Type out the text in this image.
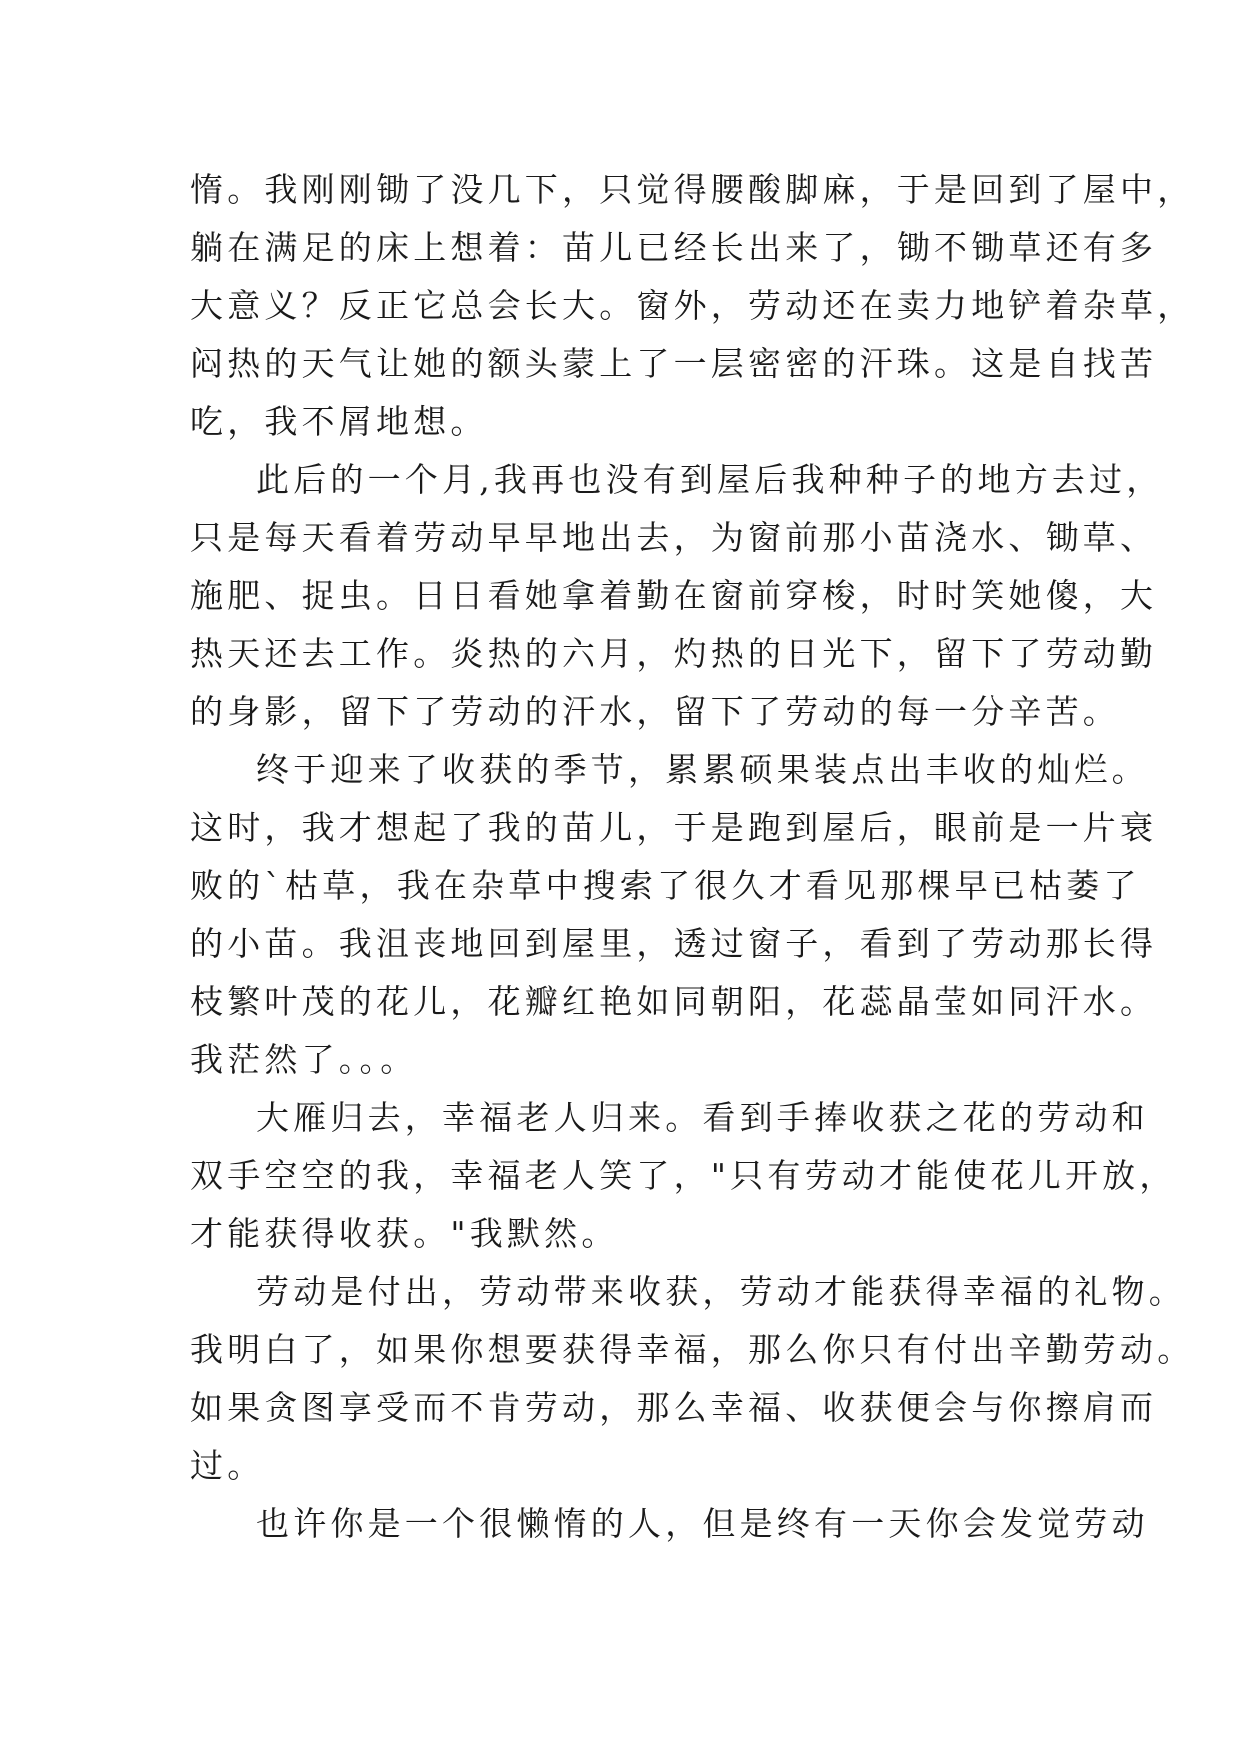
惰。我刚刚锄了没几下，只觉得腰酸脚麻，于是回到了屋中，
躺在满足的床上想着：苗儿已经长出来了，锄不锄草还有多
大意义？反正它总会长大。窗外，劳动还在卖力地铲着杂草，
闷热的天气让她的额头蒙上了一层密密的汗珠。这是自找苦
吃，我不屑地想。
此后的一个月,我再也没有到屋后我种种子的地方去过，
只是每天看着劳动早早地出去，为窗前那小苗浇水、锄草、
施肥、捉虫。日日看她拿着勤在窗前穿梭，时时笑她傻，大
热天还去工作。炎热的六月，灼热的日光下，留下了劳动勤
的身影，留下了劳动的汗水，留下了劳动的每一分辛苦。
终于迎来了收获的季节，累累硕果装点出丰收的灿烂。
这时，我才想起了我的苗儿，于是跑到屋后，眼前是一片衰
败的`枯草，我在杂草中搜索了很久才看见那棵早已枯萎了
的小苗。我沮丧地回到屋里，透过窗子，看到了劳动那长得
枝繁叶茂的花儿，花瓣红艳如同朝阳，花蕊晶莹如同汗水。
我茫然了。。。
大雁归去，幸福老人归来。看到手捧收获之花的劳动和
双手空空的我，幸福老人笑了，"只有劳动才能使花儿开放，
才能获得收获。"我默然。
劳动是付出，劳动带来收获，劳动才能获得幸福的礼物。
我明白了，如果你想要获得幸福，那么你只有付出辛勤劳动。
如果贪图享受而不肯劳动，那么幸福、收获便会与你擦肩而
过。
也许你是一个很懒惰的人，但是终有一天你会发觉劳动
